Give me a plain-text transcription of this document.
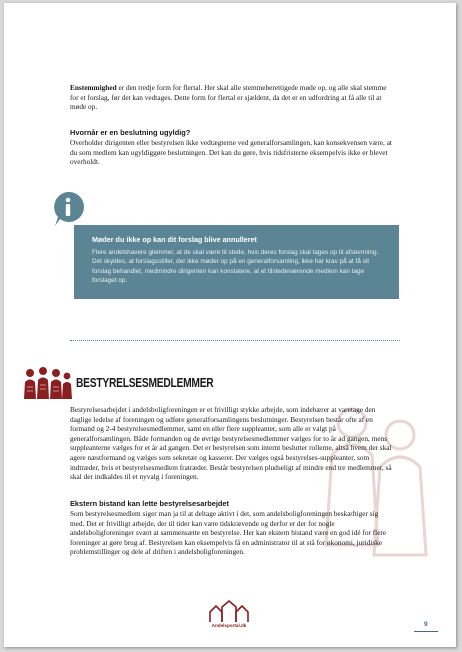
Enstemmighed er den tredje form for flertal. Her skal alle stemmeberettigede møde op, og alle skal stemme for et forslag, før det kan vedtages. Dette form for flertal er sjældent, da det er en udfordring at få alle til at møde op.
Hvornår er en beslutning ugyldig?
Overholder dirigenten eller bestyrelsen ikke vedtægterne ved generalforsamlingen, kan konsekvensen være, at du som medlem kan ugyldiggøre beslutningen. Det kan du gøre, hvis tidsfristerne eksempelvis ikke er blevet overholdt.
Møder du ikke op kan dit forslag blive annulleret
Flere andelshavere glemmer, at de skal være til stede, hvis deres forslag skal tages op til afstemning. Det skyldes, at forslagsstiller, der ikke møder op på en generalforsamling, ikke har krav på at få sit forslag behandlet, medmindre dirigenten kan konstatere, at et tilstedeværende medlem kan tage forslaget op.
BESTYRELSESMEDLEMMER
Bestyrelsesarbejdet i andelsboligforeningen er et frivilligt stykke arbejde, som indebærer at varetage den daglige ledelse af foreningen og udføre generalforsamlingens beslutninger. Bestyrelsen består ofte af en formand og 2-4 bestyrelsesmedlemmer, samt en eller flere suppleanter, som alle er valgt på generalforsamlingen. Både formanden og de øvrige bestyrelsesmedlemmer vælges for to år ad gangen, mens suppleanterne vælges for et år ad gangen. Det er bestyrelsen som internt beslutter rollerne, altså hvem der skal agere næstformand og vælges som sekretær og kasserer. Der vælges også bestyrelses-suppleanter, som indtræder, hvis et bestyrelsesmedlem fratræder. Består bestyrelsen pludseligt af mindre end tre medlemmer, så skal der indkaldes til et nyvalg i foreningen.
Ekstern bistand kan lette bestyrelsesarbejdet
Som bestyrelsesmedlem siger man ja til at deltage aktivt i det, som andelsboligforeningen beskæftiger sig med. Det er frivilligt arbejde, der til tider kan være tidskrævende og derfor er der for nogle andelsboligforeninger svært at sammensætte en bestyrelse. Her kan ekstern bistand være en god idé for flere foreninger at gøre brug af. Bestyrelsen kan eksempelvis få en administrator til at stå for økonomi, juridiske problemstillinger og dele af driften i andelsboligforeningen.
Andelsportal.dk	9
